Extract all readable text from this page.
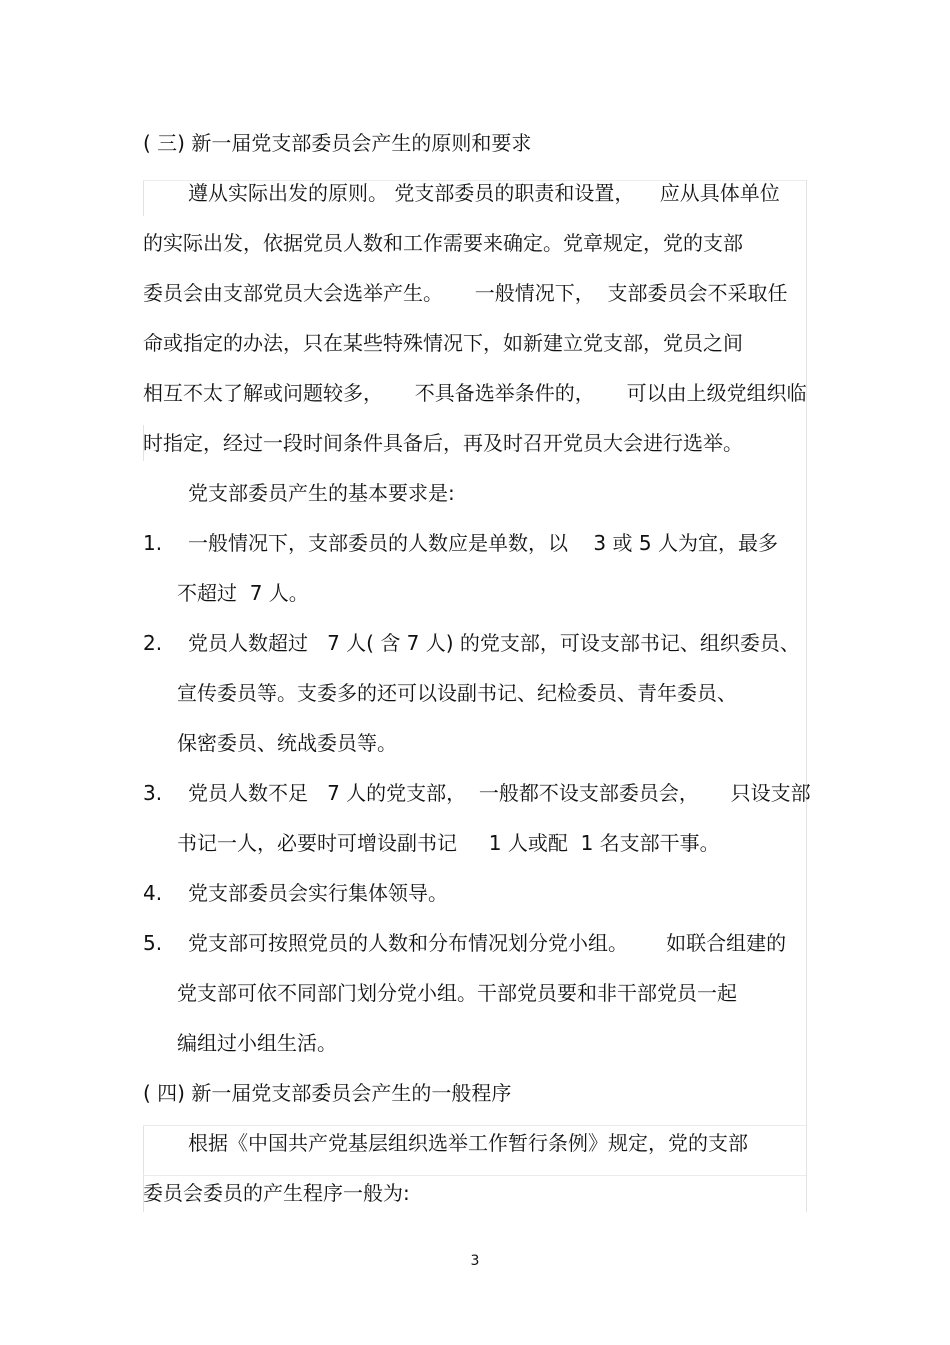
( 三) 新一届党支部委员会产生的原则和要求

遵从实际出发的原则。 党支部委员的职责和设置，    应从具体单位

的实际出发，依据党员人数和工作需要来确定。党章规定，党的支部

委员会由支部党员大会选举产生。     一般情况下，  支部委员会不采取任

命或指定的办法，只在某些特殊情况下，如新建立党支部，党员之间

相互不太了解或问题较多，     不具备选举条件的，     可以由上级党组织临

时指定，经过一段时间条件具备后，再及时召开党员大会进行选举。

党支部委员产生的基本要求是:

1.

一般情况下，支部委员的人数应是单数，以    3 或 5 人为宜，最多

不超过  7 人。

2.

党员人数超过   7 人( 含 7 人) 的党支部，可设支部书记、组织委员、

宣传委员等。支委多的还可以设副书记、纪检委员、青年委员、

保密委员、统战委员等。

3.

党员人数不足   7 人的党支部，  一般都不设支部委员会，     只设支部

书记一人，必要时可增设副书记     1 人或配  1 名支部干事。

4.

党支部委员会实行集体领导。

5.

党支部可按照党员的人数和分布情况划分党小组。      如联合组建的

党支部可依不同部门划分党小组。干部党员要和非干部党员一起

编组过小组生活。

( 四) 新一届党支部委员会产生的一般程序

根据《中国共产党基层组织选举工作暂行条例》规定，党的支部

委员会委员的产生程序一般为:

3
